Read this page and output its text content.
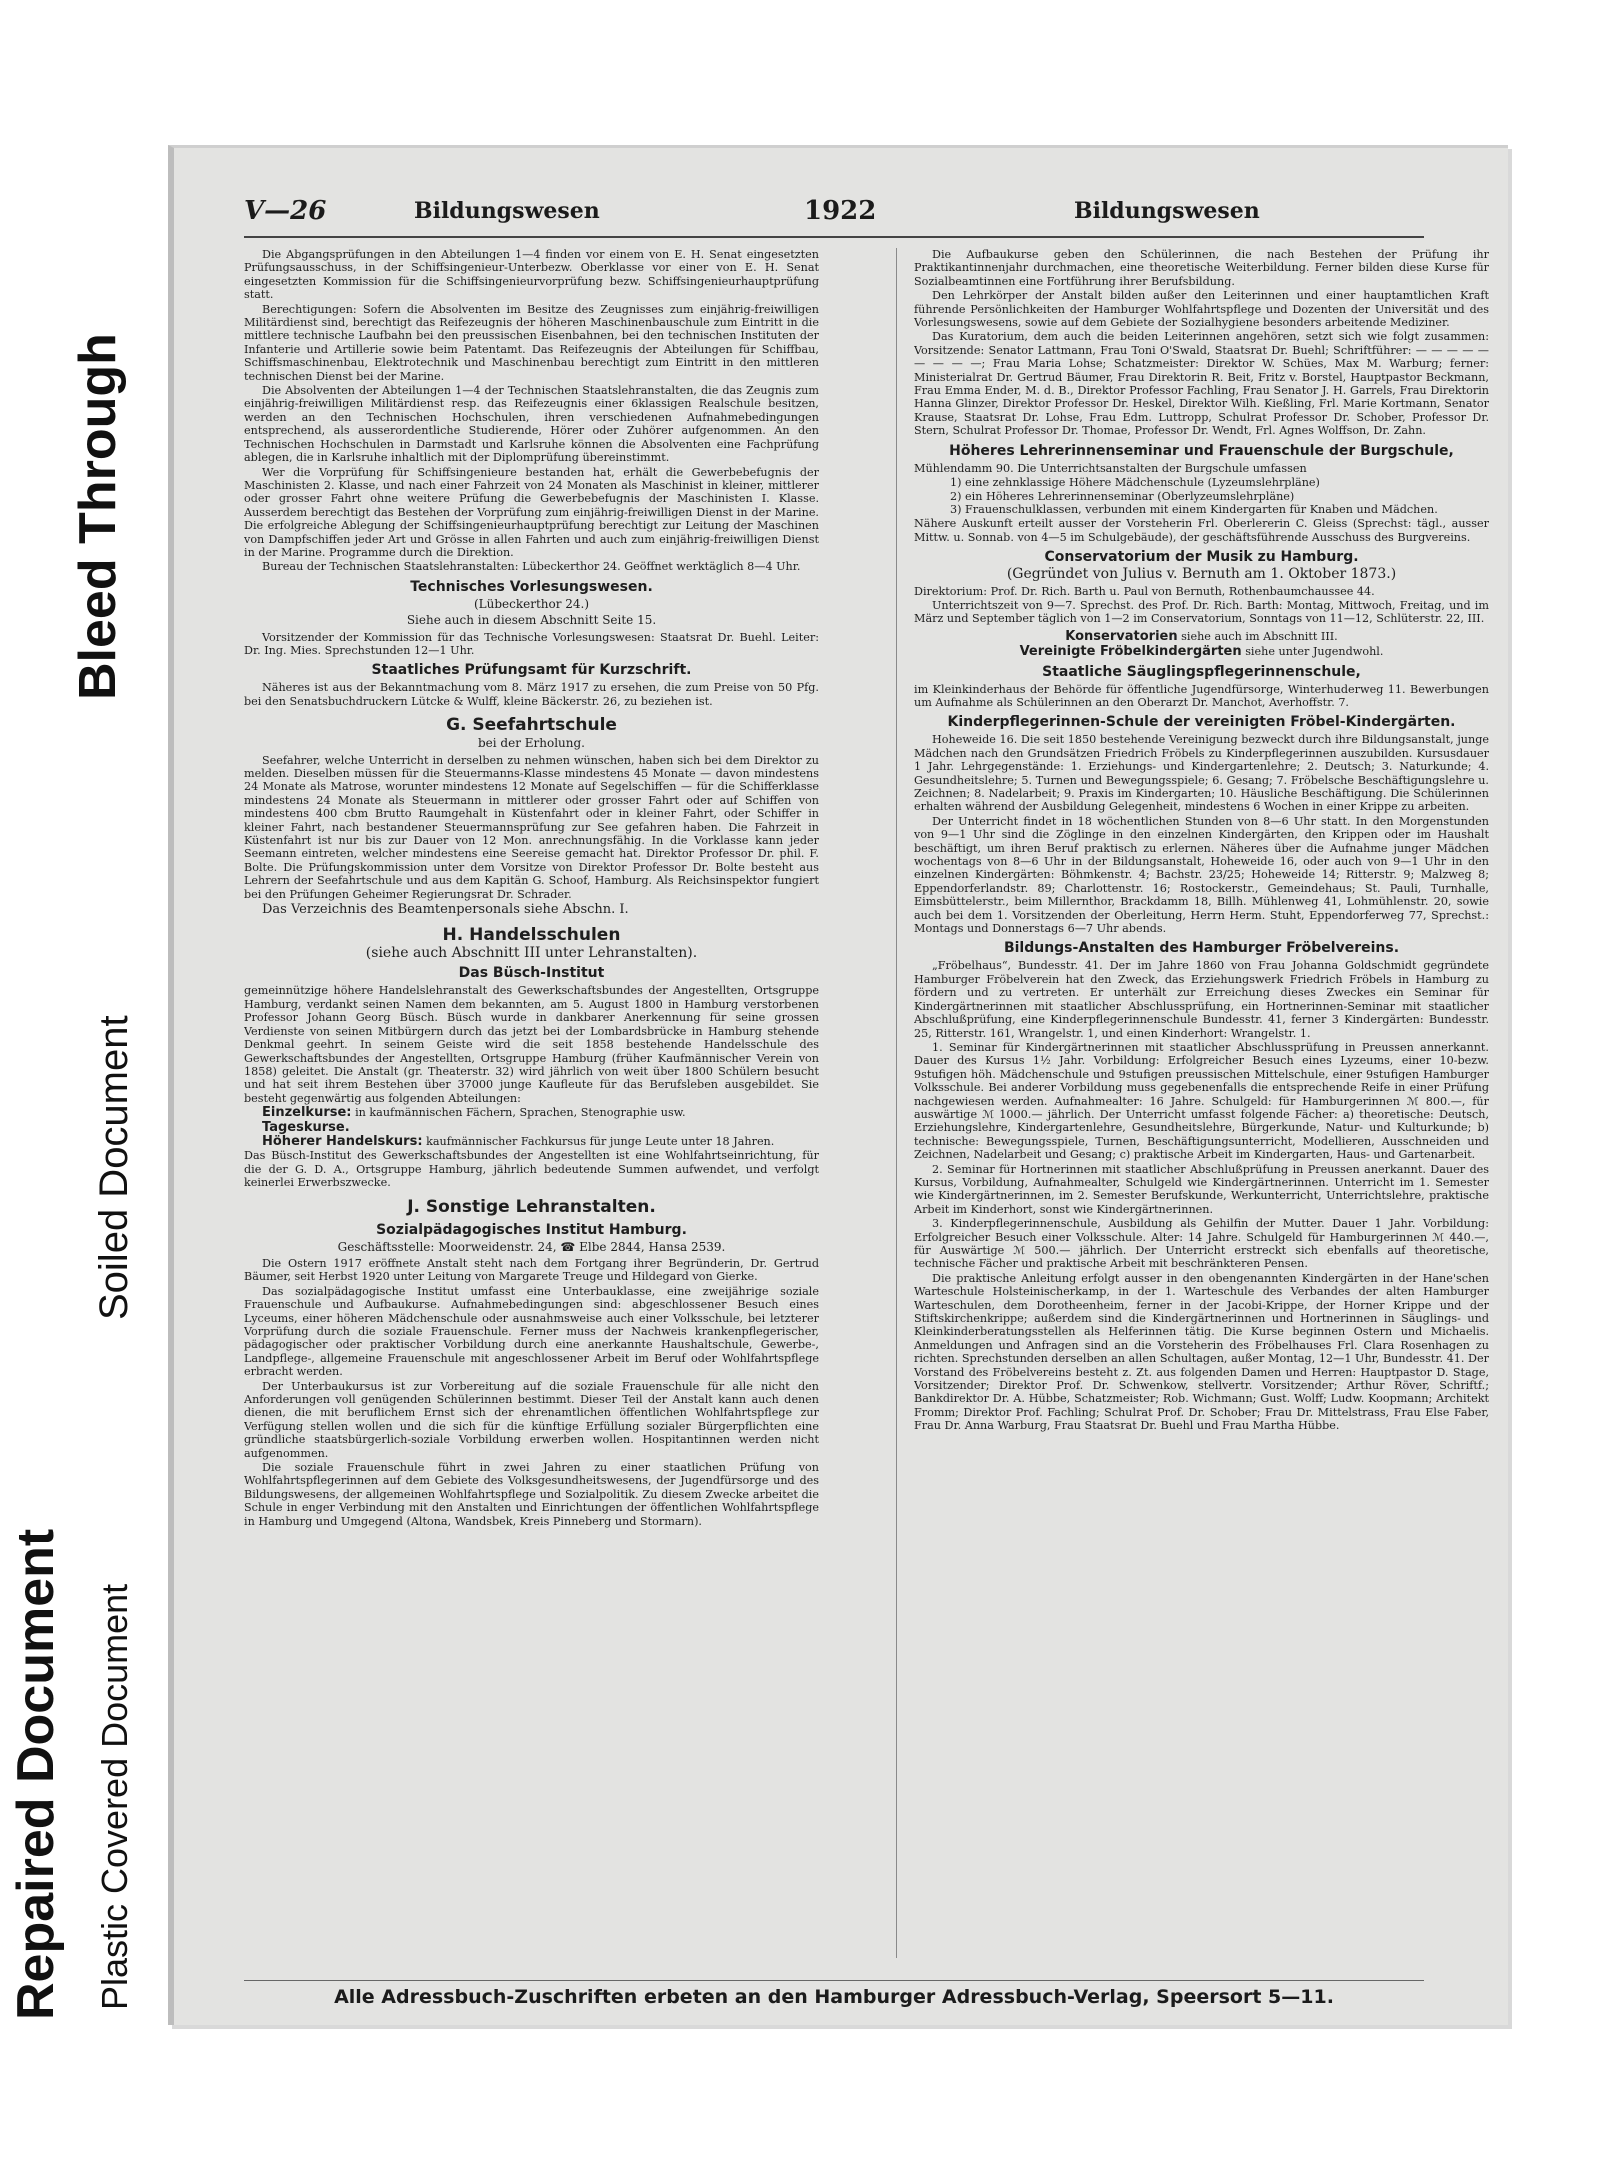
Bleed Through
Soiled Document
Repaired Document Plastic Covered Document
V—26	Bildungswesen	1922	Bildungswesen

Die Abgangsprüfungen in den Abteilungen 1—4 finden vor einem von E. H. Senat eingesetzten Prüfungsausschuss, in der Schiffsingenieur-Unterbezw. Oberklasse vor einer von E. H. Senat eingesetzten Kommission für die Schiffsingenieurvorprüfung bezw. Schiffsingenieurhauptprüfung statt.

Berechtigungen: Sofern die Absolventen im Besitze des Zeugnisses zum einjährig-freiwilligen Militärdienst sind, berechtigt das Reifezeugnis der höheren Maschinenbauschule zum Eintritt in die mittlere technische Laufbahn bei den preussischen Eisenbahnen, bei den technischen Instituten der Infanterie und Artillerie sowie beim Patentamt. Das Reifezeugnis der Abteilungen für Schiffbau, Schiffsmaschinenbau, Elektrotechnik und Maschinenbau berechtigt zum Eintritt in den mittleren technischen Dienst bei der Marine.

Die Absolventen der Abteilungen 1—4 der Technischen Staatslehranstalten, die das Zeugnis zum einjährig-freiwilligen Militärdienst resp. das Reifezeugnis einer 6klassigen Realschule besitzen, werden an den Technischen Hochschulen, ihren verschiedenen Aufnahmebedingungen entsprechend, als ausserordentliche Studierende, Hörer oder Zuhörer aufgenommen. An den Technischen Hochschulen in Darmstadt und Karlsruhe können die Absolventen eine Fachprüfung ablegen, die in Karlsruhe inhaltlich mit der Diplomprüfung übereinstimmt.

Wer die Vorprüfung für Schiffsingenieure bestanden hat, erhält die Gewerbebefugnis der Maschinisten 2. Klasse, und nach einer Fahrzeit von 24 Monaten als Maschinist in kleiner, mittlerer oder grosser Fahrt ohne weitere Prüfung die Gewerbebefugnis der Maschinisten I. Klasse. Ausserdem berechtigt das Bestehen der Vorprüfung zum einjährig-freiwilligen Dienst in der Marine. Die erfolgreiche Ablegung der Schiffsingenieurhauptprüfung berechtigt zur Leitung der Maschinen von Dampfschiffen jeder Art und Grösse in allen Fahrten und auch zum einjährig-freiwilligen Dienst in der Marine. Programme durch die Direktion.

Bureau der Technischen Staatslehranstalten: Lübeckerthor 24. Geöffnet werktäglich 8—4 Uhr.

Technisches Vorlesungswesen.
(Lübeckerthor 24.)
Siehe auch in diesem Abschnitt Seite 15.

Vorsitzender der Kommission für das Technische Vorlesungswesen: Staatsrat Dr. Buehl. Leiter: Dr. Ing. Mies. Sprechstunden 12—1 Uhr.

Staatliches Prüfungsamt für Kurzschrift.

Näheres ist aus der Bekanntmachung vom 8. März 1917 zu ersehen, die zum Preise von 50 Pfg. bei den Senatsbuchdruckern Lütcke & Wulff, kleine Bäckerstr. 26, zu beziehen ist.

G. Seefahrtschule
bei der Erholung.

Seefahrer, welche Unterricht in derselben zu nehmen wünschen, haben sich bei dem Direktor zu melden. Dieselben müssen für die Steuermanns-Klasse mindestens 45 Monate — davon mindestens 24 Monate als Matrose, worunter mindestens 12 Monate auf Segelschiffen — für die Schifferklasse mindestens 24 Monate als Steuermann in mittlerer oder grosser Fahrt oder auf Schiffen von mindestens 400 cbm Brutto Raumgehalt in Küstenfahrt oder in kleiner Fahrt, oder Schiffer in kleiner Fahrt, nach bestandener Steuermannsprüfung zur See gefahren haben. Die Fahrzeit in Küstenfahrt ist nur bis zur Dauer von 12 Mon. anrechnungsfähig. In die Vorklasse kann jeder Seemann eintreten, welcher mindestens eine Seereise gemacht hat. Direktor Professor Dr. phil. F. Bolte. Die Prüfungskommission unter dem Vorsitze von Direktor Professor Dr. Bolte besteht aus Lehrern der Seefahrtschule und aus dem Kapitän G. Schoof, Hamburg. Als Reichsinspektor fungiert bei den Prüfungen Geheimer Regierungsrat Dr. Schrader.

Das Verzeichnis des Beamtenpersonals siehe Abschn. I.

H. Handelsschulen
(siehe auch Abschnitt III unter Lehranstalten).
Das Büsch-Institut

gemeinnützige höhere Handelslehranstalt des Gewerkschaftsbundes der Angestellten, Ortsgruppe Hamburg, verdankt seinen Namen dem bekannten, am 5. August 1800 in Hamburg verstorbenen Professor Johann Georg Büsch. Büsch wurde in dankbarer Anerkennung für seine grossen Verdienste von seinen Mitbürgern durch das jetzt bei der Lombardsbrücke in Hamburg stehende Denkmal geehrt. In seinem Geiste wird die seit 1858 bestehende Handelsschule des Gewerkschaftsbundes der Angestellten, Ortsgruppe Hamburg (früher Kaufmännischer Verein von 1858) geleitet. Die Anstalt (gr. Theaterstr. 32) wird jährlich von weit über 1800 Schülern besucht und hat seit ihrem Bestehen über 37000 junge Kaufleute für das Berufsleben ausgebildet. Sie besteht gegenwärtig aus folgenden Abteilungen:

Einzelkurse: in kaufmännischen Fächern, Sprachen, Stenographie usw.

Tageskurse.

Höherer Handelskurs: kaufmännischer Fachkursus für junge Leute unter 18 Jahren.

Das Büsch-Institut des Gewerkschaftsbundes der Angestellten ist eine Wohlfahrtseinrichtung, für die der G. D. A., Ortsgruppe Hamburg, jährlich bedeutende Summen aufwendet, und verfolgt keinerlei Erwerbszwecke.

J. Sonstige Lehranstalten.
Sozialpädagogisches Institut Hamburg.
Geschäftsstelle: Moorweidenstr. 24, ☎ Elbe 2844, Hansa 2539.

Die Ostern 1917 eröffnete Anstalt steht nach dem Fortgang ihrer Begründerin, Dr. Gertrud Bäumer, seit Herbst 1920 unter Leitung von Margarete Treuge und Hildegard von Gierke.

Das sozialpädagogische Institut umfasst eine Unterbauklasse, eine zweijährige soziale Frauenschule und Aufbaukurse. Aufnahmebedingungen sind: abgeschlossener Besuch eines Lyceums, einer höheren Mädchenschule oder ausnahmsweise auch einer Volksschule, bei letzterer Vorprüfung durch die soziale Frauenschule. Ferner muss der Nachweis krankenpflegerischer, pädagogischer oder praktischer Vorbildung durch eine anerkannte Haushaltschule, Gewerbe-, Landpflege-, allgemeine Frauenschule mit angeschlossener Arbeit im Beruf oder Wohlfahrtspflege erbracht werden.

Der Unterbaukursus ist zur Vorbereitung auf die soziale Frauenschule für alle nicht den Anforderungen voll genügenden Schülerinnen bestimmt. Dieser Teil der Anstalt kann auch denen dienen, die mit beruflichem Ernst sich der ehrenamtlichen öffentlichen Wohlfahrtspflege zur Verfügung stellen wollen und die sich für die künftige Erfüllung sozialer Bürgerpflichten eine gründliche staatsbürgerlich-soziale Vorbildung erwerben wollen. Hospitantinnen werden nicht aufgenommen.

Die soziale Frauenschule führt in zwei Jahren zu einer staatlichen Prüfung von Wohlfahrtspflegerinnen auf dem Gebiete des Volksgesundheitswesens, der Jugendfürsorge und des Bildungswesens, der allgemeinen Wohlfahrtspflege und Sozialpolitik. Zu diesem Zwecke arbeitet die Schule in enger Verbindung mit den Anstalten und Einrichtungen der öffentlichen Wohlfahrtspflege in Hamburg und Umgegend (Altona, Wandsbek, Kreis Pinneberg und Stormarn).

Die Aufbaukurse geben den Schülerinnen, die nach Bestehen der Prüfung ihr Praktikantinnenjahr durchmachen, eine theoretische Weiterbildung. Ferner bilden diese Kurse für Sozialbeamtinnen eine Fortführung ihrer Berufsbildung.

Den Lehrkörper der Anstalt bilden außer den Leiterinnen und einer hauptamtlichen Kraft führende Persönlichkeiten der Hamburger Wohlfahrtspflege und Dozenten der Universität und des Vorlesungswesens, sowie auf dem Gebiete der Sozialhygiene besonders arbeitende Mediziner.

Das Kuratorium, dem auch die beiden Leiterinnen angehören, setzt sich wie folgt zusammen: Vorsitzende: Senator Lattmann, Frau Toni O'Swald, Staatsrat Dr. Buehl; Schriftführer: — — — — — — — — —; Frau Maria Lohse; Schatzmeister: Direktor W. Schües, Max M. Warburg; ferner: Ministerialrat Dr. Gertrud Bäumer, Frau Direktorin R. Beit, Fritz v. Borstel, Hauptpastor Beckmann, Frau Emma Ender, M. d. B., Direktor Professor Fachling, Frau Senator J. H. Garrels, Frau Direktorin Hanna Glinzer, Direktor Professor Dr. Heskel, Direktor Wilh. Kießling, Frl. Marie Kortmann, Senator Krause, Staatsrat Dr. Lohse, Frau Edm. Luttropp, Schulrat Professor Dr. Schober, Professor Dr. Stern, Schulrat Professor Dr. Thomae, Professor Dr. Wendt, Frl. Agnes Wolffson, Dr. Zahn.

Höheres Lehrerinnenseminar und Frauenschule der Burgschule,

Mühlendamm 90. Die Unterrichtsanstalten der Burgschule umfassen

1) eine zehnklassige Höhere Mädchenschule (Lyzeumslehrpläne)
2) ein Höheres Lehrerinnenseminar (Oberlyzeumslehrpläne)
3) Frauenschulklassen, verbunden mit einem Kindergarten für Knaben und Mädchen.

Nähere Auskunft erteilt ausser der Vorsteherin Frl. Oberlererin C. Gleiss (Sprechst: tägl., ausser Mittw. u. Sonnab. von 4—5 im Schulgebäude), der geschäftsführende Ausschuss des Burgvereins.

Conservatorium der Musik zu Hamburg.
(Gegründet von Julius v. Bernuth am 1. Oktober 1873.)

Direktorium: Prof. Dr. Rich. Barth u. Paul von Bernuth, Rothenbaumchaussee 44.

Unterrichtszeit von 9—7. Sprechst. des Prof. Dr. Rich. Barth: Montag, Mittwoch, Freitag, und im März und September täglich von 1—2 im Conservatorium, Sonntags von 11—12, Schlüterstr. 22, III.

Konservatorien siehe auch im Abschnitt III.

Vereinigte Fröbelkindergärten siehe unter Jugendwohl.

Staatliche Säuglingspflegerinnenschule,

im Kleinkinderhaus der Behörde für öffentliche Jugendfürsorge, Winterhuderweg 11. Bewerbungen um Aufnahme als Schülerinnen an den Oberarzt Dr. Manchot, Averhoffstr. 7.

Kinderpflegerinnen-Schule der vereinigten Fröbel-Kindergärten.

Hoheweide 16. Die seit 1850 bestehende Vereinigung bezweckt durch ihre Bildungsanstalt, junge Mädchen nach den Grundsätzen Friedrich Fröbels zu Kinderpflegerinnen auszubilden. Kursusdauer 1 Jahr. Lehrgegenstände: 1. Erziehungs- und Kindergartenlehre; 2. Deutsch; 3. Naturkunde; 4. Gesundheitslehre; 5. Turnen und Bewegungsspiele; 6. Gesang; 7. Fröbelsche Beschäftigungslehre u. Zeichnen; 8. Nadelarbeit; 9. Praxis im Kindergarten; 10. Häusliche Beschäftigung. Die Schülerinnen erhalten während der Ausbildung Gelegenheit, mindestens 6 Wochen in einer Krippe zu arbeiten.

Der Unterricht findet in 18 wöchentlichen Stunden von 8—6 Uhr statt. In den Morgenstunden von 9—1 Uhr sind die Zöglinge in den einzelnen Kindergärten, den Krippen oder im Haushalt beschäftigt, um ihren Beruf praktisch zu erlernen. Näheres über die Aufnahme junger Mädchen wochentags von 8—6 Uhr in der Bildungsanstalt, Hoheweide 16, oder auch von 9—1 Uhr in den einzelnen Kindergärten: Böhmkenstr. 4; Bachstr. 23/25; Hoheweide 14; Ritterstr. 9; Malzweg 8; Eppendorferlandstr. 89; Charlottenstr. 16; Rostockerstr., Gemeindehaus; St. Pauli, Turnhalle, Eimsbüttelerstr., beim Millernthor, Brackdamm 18, Billh. Mühlenweg 41, Lohmühlenstr. 20, sowie auch bei dem 1. Vorsitzenden der Oberleitung, Herrn Herm. Stuht, Eppendorferweg 77, Sprechst.: Montags und Donnerstags 6—7 Uhr abends.

Bildungs-Anstalten des Hamburger Fröbelvereins.

„Fröbelhaus“, Bundesstr. 41. Der im Jahre 1860 von Frau Johanna Goldschmidt gegründete Hamburger Fröbelverein hat den Zweck, das Erziehungswerk Friedrich Fröbels in Hamburg zu fördern und zu vertreten. Er unterhält zur Erreichung dieses Zweckes ein Seminar für Kindergärtnerinnen mit staatlicher Abschlussprüfung, ein Hortnerinnen-Seminar mit staatlicher Abschlußprüfung, eine Kinderpflegerinnenschule Bundesstr. 41, ferner 3 Kindergärten: Bundesstr. 25, Ritterstr. 161, Wrangelstr. 1, und einen Kinderhort: Wrangelstr. 1.

1. Seminar für Kindergärtnerinnen mit staatlicher Abschlussprüfung in Preussen annerkannt. Dauer des Kursus 1½ Jahr. Vorbildung: Erfolgreicher Besuch eines Lyzeums, einer 10-bezw. 9stufigen höh. Mädchenschule und 9stufigen preussischen Mittelschule, einer 9stufigen Hamburger Volksschule. Bei anderer Vorbildung muss gegebenenfalls die entsprechende Reife in einer Prüfung nachgewiesen werden. Aufnahmealter: 16 Jahre. Schulgeld: für Hamburgerinnen ℳ 800.—, für auswärtige ℳ 1000.— jährlich. Der Unterricht umfasst folgende Fächer: a) theoretische: Deutsch, Erziehungslehre, Kindergartenlehre, Gesundheitslehre, Bürgerkunde, Natur- und Kulturkunde; b) technische: Bewegungsspiele, Turnen, Beschäftigungsunterricht, Modellieren, Ausschneiden und Zeichnen, Nadelarbeit und Gesang; c) praktische Arbeit im Kindergarten, Haus- und Gartenarbeit.

2. Seminar für Hortnerinnen mit staatlicher Abschlußprüfung in Preussen anerkannt. Dauer des Kursus, Vorbildung, Aufnahmealter, Schulgeld wie Kindergärtnerinnen. Unterricht im 1. Semester wie Kindergärtnerinnen, im 2. Semester Berufskunde, Werkunterricht, Unterrichtslehre, praktische Arbeit im Kinderhort, sonst wie Kindergärtnerinnen.

3. Kinderpflegerinnenschule, Ausbildung als Gehilfin der Mutter. Dauer 1 Jahr. Vorbildung: Erfolgreicher Besuch einer Volksschule. Alter: 14 Jahre. Schulgeld für Hamburgerinnen ℳ 440.—, für Auswärtige ℳ 500.— jährlich. Der Unterricht erstreckt sich ebenfalls auf theoretische, technische Fächer und praktische Arbeit mit beschränkteren Pensen.

Die praktische Anleitung erfolgt ausser in den obengenannten Kindergärten in der Hane'schen Warteschule Holsteinischerkamp, in der 1. Warteschule des Verbandes der alten Hamburger Warteschulen, dem Dorotheenheim, ferner in der Jacobi-Krippe, der Horner Krippe und der Stiftskirchenkrippe; außerdem sind die Kindergärtnerinnen und Hortnerinnen in Säuglings- und Kleinkinderberatungsstellen als Helferinnen tätig. Die Kurse beginnen Ostern und Michaelis. Anmeldungen und Anfragen sind an die Vorsteherin des Fröbelhauses Frl. Clara Rosenhagen zu richten. Sprechstunden derselben an allen Schultagen, außer Montag, 12—1 Uhr, Bundesstr. 41. Der Vorstand des Fröbelvereins besteht z. Zt. aus folgenden Damen und Herren: Hauptpastor D. Stage, Vorsitzender; Direktor Prof. Dr. Schwenkow, stellvertr. Vorsitzender; Arthur Röver, Schriftf.; Bankdirektor Dr. A. Hübbe, Schatzmeister; Rob. Wichmann; Gust. Wolff; Ludw. Koopmann; Architekt Fromm; Direktor Prof. Fachling; Schulrat Prof. Dr. Schober; Frau Dr. Mittelstrass, Frau Else Faber, Frau Dr. Anna Warburg, Frau Staatsrat Dr. Buehl und Frau Martha Hübbe.

Alle Adressbuch-Zuschriften erbeten an den Hamburger Adressbuch-Verlag, Speersort 5—11.
